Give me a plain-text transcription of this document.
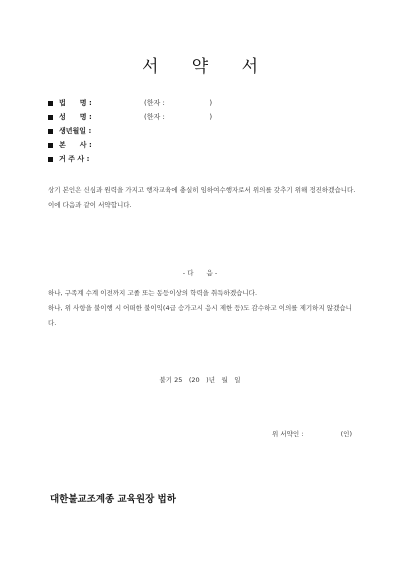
서 약 서
법　　명 :	(한자 :                    )
성　　명 :	(한자 :                    )
생년월일 :
본　　사 :
거 주 사 :
상기 본인은 신심과 원력을 가지고 행자교육에 충실히 임하여수행자로서 위의를 갖추기 위해 정진하겠습니다. 이에 다음과 같이 서약합니다.
- 다　　음 -
하나, 구족계 수계 이전까지 고졸 또는 동등이상의 학력을 취득하겠습니다.
하나, 위 사항을 불이행 시 어떠한 불이익(4급 승가고시 응시 제한 등)도 감수하고 이의를 제기하지 않겠습니다.
불기 25　(20　)년　월　일
위 서약인 :                  (인)
대한불교조계종 교육원장 법하
